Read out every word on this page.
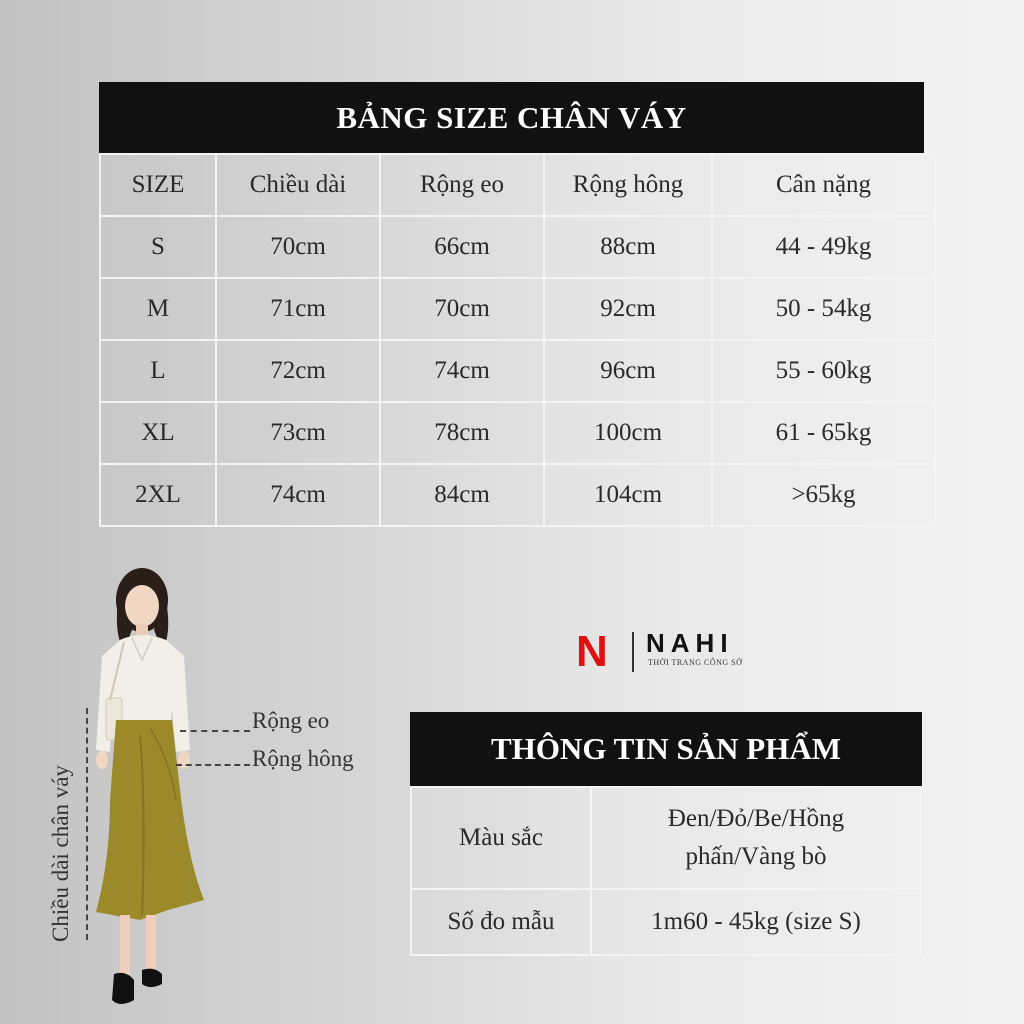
BẢNG SIZE CHÂN VÁY
SIZE	Chiều dài	Rộng eo	Rộng hông	Cân nặng
S	70cm	66cm	88cm	44 - 49kg
M	71cm	70cm	92cm	50 - 54kg
L	72cm	74cm	96cm	55 - 60kg
XL	73cm	78cm	100cm	61 - 65kg
2XL	74cm	84cm	104cm	>65kg
Rộng eo
Rộng hông
Chiều dài chân váy
N NAHI
THỜI TRANG CÔNG SỞ
THÔNG TIN SẢN PHẨM
Màu sắc	Đen/Đỏ/Be/Hồng
phấn/Vàng bò

Số đo mẫu	1m60 - 45kg (size S)
